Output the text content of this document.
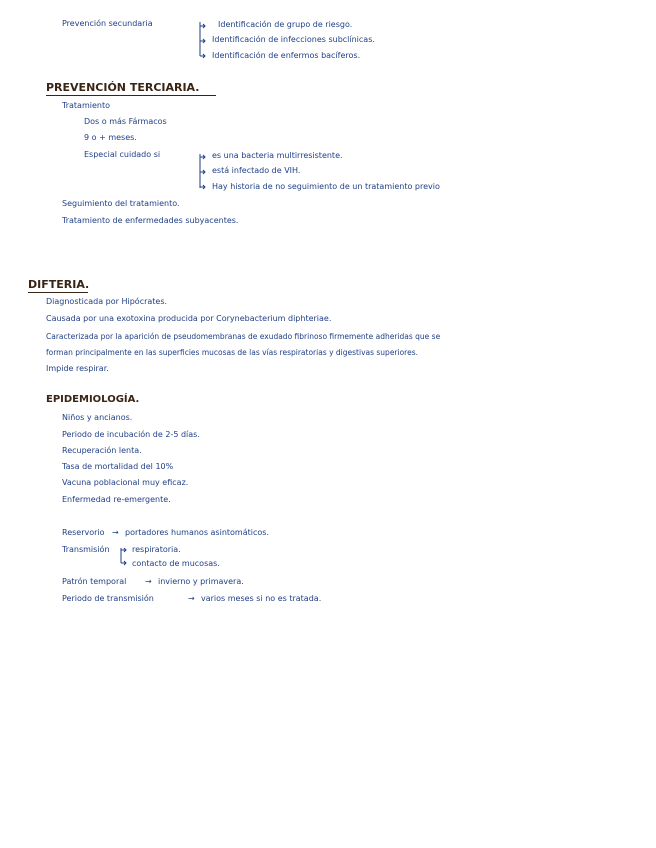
Prevención secundaria	Identificación de grupo de riesgo.
Identificación de infecciones subclínicas.
Identificación de enfermos bacíferos.
PREVENCIÓN TERCIARIA.
Tratamiento
Dos o más Fármacos
9 o + meses.
Especial cuidado si	es una bacteria multirresistente.
está infectado de VIH.
Hay historia de no seguimiento de un tratamiento previo
Seguimiento del tratamiento.
Tratamiento de enfermedades subyacentes.
DIFTERIA.
Diagnosticada por Hipócrates.
Causada por una exotoxina producida por Corynebacterium diphteriae.
Caracterizada por la aparición de pseudomembranas de exudado fibrinoso firmemente adheridas que se
forman principalmente en las superficies mucosas de las vías respiratorias y digestivas superiores.
Impide respirar.
EPIDEMIOLOGÍA.
Niños y ancianos.
Periodo de incubación de 2-5 días.
Recuperación lenta.
Tasa de mortalidad del 10%
Vacuna poblacional muy eficaz.
Enfermedad re-emergente.
Reservorio → portadores humanos asintomáticos.
Transmisión	respiratoria.
contacto de mucosas.
Patrón temporal → invierno y primavera.
Periodo de transmisión	→ varios meses si no es tratada.
